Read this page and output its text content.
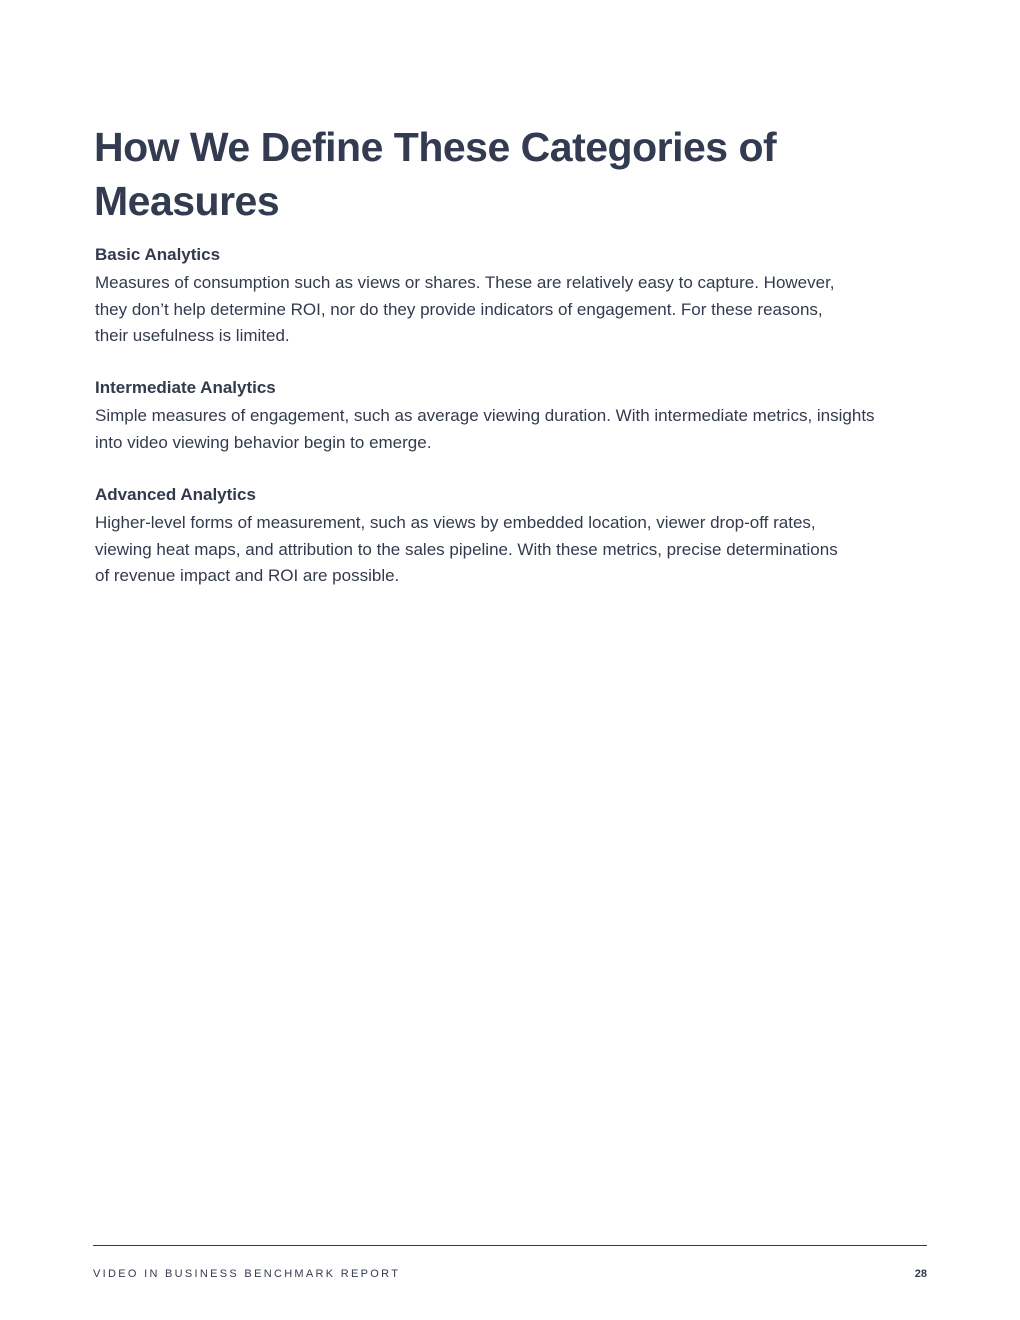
How We Define These Categories of Measures
Basic Analytics

Measures of consumption such as views or shares. These are relatively easy to capture. However, they don’t help determine ROI, nor do they provide indicators of engagement. For these reasons, their usefulness is limited.

Intermediate Analytics

Simple measures of engagement, such as average viewing duration. With intermediate metrics, insights into video viewing behavior begin to emerge.

Advanced Analytics

Higher-level forms of measurement, such as views by embedded location, viewer drop-off rates, viewing heat maps, and attribution to the sales pipeline. With these metrics, precise determinations of revenue impact and ROI are possible.

VIDEO IN BUSINESS BENCHMARK REPORT	28
